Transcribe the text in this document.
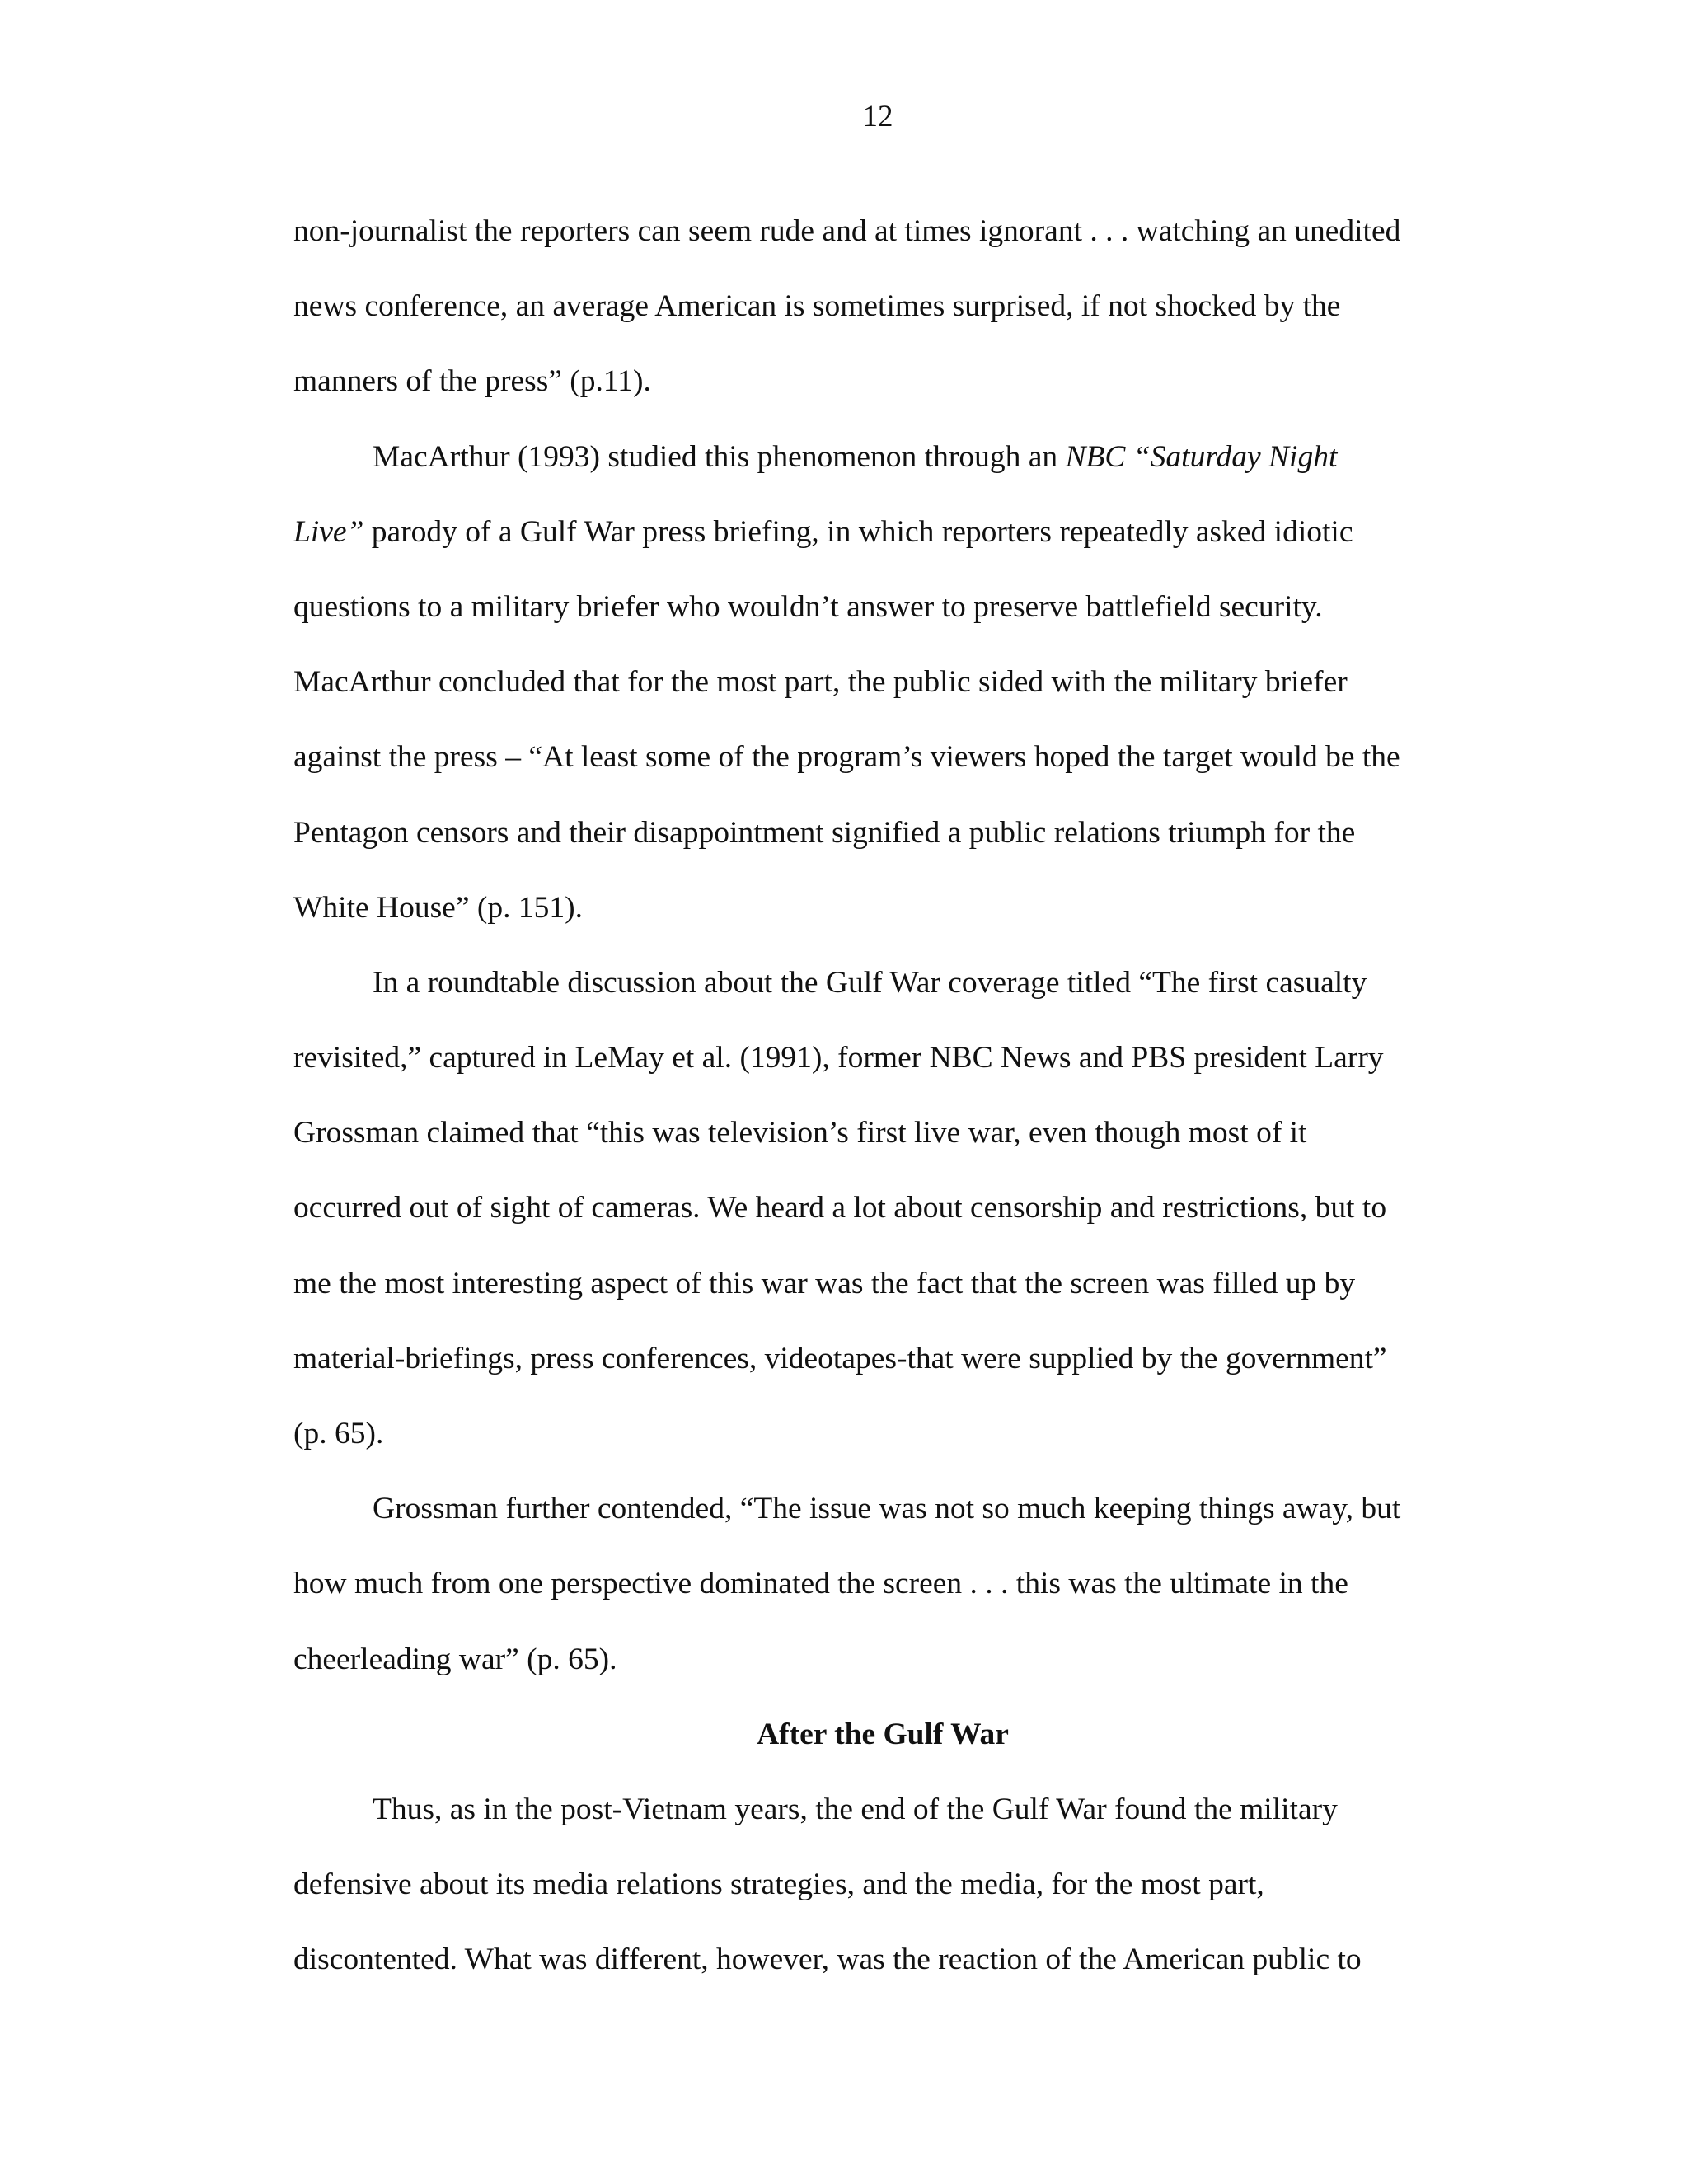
12
non-journalist the reporters can seem rude and at times ignorant . . . watching an unedited
news conference, an average American is sometimes surprised, if not shocked by the
manners of the press” (p.11).
MacArthur (1993) studied this phenomenon through an NBC “Saturday Night
Live” parody of a Gulf War press briefing, in which reporters repeatedly asked idiotic
questions to a military briefer who wouldn’t answer to preserve battlefield security.
MacArthur concluded that for the most part, the public sided with the military briefer
against the press – “At least some of the program’s viewers hoped the target would be the
Pentagon censors and their disappointment signified a public relations triumph for the
White House” (p. 151).
In a roundtable discussion about the Gulf War coverage titled “The first casualty
revisited,” captured in LeMay et al. (1991), former NBC News and PBS president Larry
Grossman claimed that “this was television’s first live war, even though most of it
occurred out of sight of cameras. We heard a lot about censorship and restrictions, but to
me the most interesting aspect of this war was the fact that the screen was filled up by
material-briefings, press conferences, videotapes-that were supplied by the government”
(p. 65).
Grossman further contended, “The issue was not so much keeping things away, but
how much from one perspective dominated the screen . . . this was the ultimate in the
cheerleading war” (p. 65).
After the Gulf War
Thus, as in the post-Vietnam years, the end of the Gulf War found the military
defensive about its media relations strategies, and the media, for the most part,
discontented. What was different, however, was the reaction of the American public to
